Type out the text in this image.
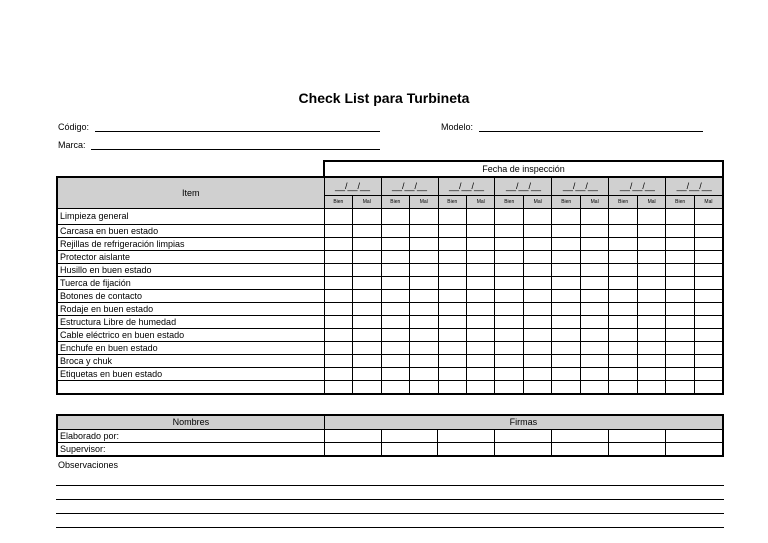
Check List para Turbineta
Código:	Modelo:
Marca:
	Fecha de inspección													
Item	__/__/__		__/__/__		__/__/__		__/__/__		__/__/__		__/__/__		__/__/__	
	Bien	Mal	Bien	Mal	Bien	Mal	Bien	Mal	Bien	Mal	Bien	Mal	Bien	Mal
Limpieza general														
Carcasa en buen estado														
Rejillas de refrigeración limpias														
Protector aislante														
Husillo en buen estado														
Tuerca de fijación														
Botones de contacto														
Rodaje en buen estado														
Estructura Libre de humedad														
Cable eléctrico en buen estado														
Enchufe en buen estado														
Broca y chuk														
Etiquetas en buen estado														

Nombres	Firmas						
Elaborado por:							
Supervisor:							
Observaciones
